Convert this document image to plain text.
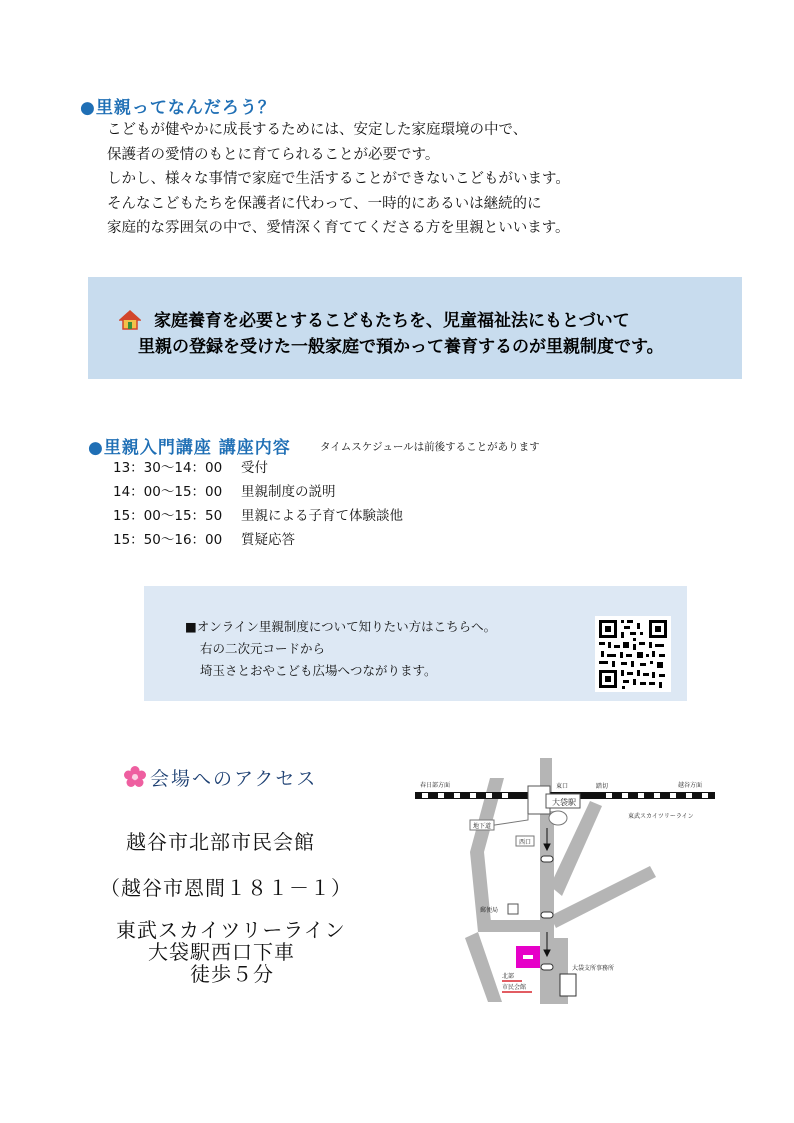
●里親ってなんだろう？
こどもが健やかに成長するためには、安定した家庭環境の中で、
保護者の愛情のもとに育てられることが必要です。
しかし、様々な事情で家庭で生活することができないこどもがいます。
そんなこどもたちを保護者に代わって、一時的にあるいは継続的に
家庭的な雰囲気の中で、愛情深く育ててくださる方を里親といいます。
家庭養育を必要とするこどもたちを、児童福祉法にもとづいて
里親の登録を受けた一般家庭で預かって養育するのが里親制度です。
●里親入門講座 講座内容	タイムスケジュールは前後することがあります
13：30～14：00 受付
14：00～15：00 里親制度の説明
15：00～15：50 里親による子育て体験談他
15：50～16：00 質疑応答
■オンライン里親制度について知りたい方はこちらへ。
右の二次元コードから
埼玉さとおやこども広場へつながります。
会場へのアクセス
越谷市北部市民会館
（越谷市恩間１８１－１）
東武スカイツリーライン
大袋駅西口下車
徒歩５分
大袋駅
東口	踏切
春日部方面	越谷方面
東武スカイツリーライン
地下道
西口
郵便局
大袋支所事務所
北部
市民会館
